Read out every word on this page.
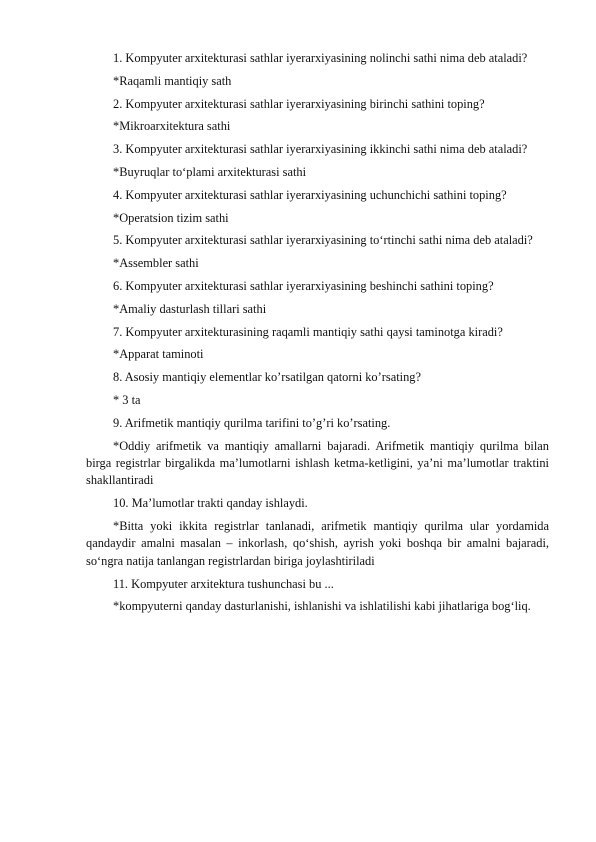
1. Kompyuter arxitekturasi sathlar iyerarxiyasining nolinchi sathi nima deb ataladi?

*Raqamli mantiqiy sath

2. Kompyuter arxitekturasi sathlar iyerarxiyasining birinchi sathini toping?

*Mikroarxitektura sathi

3. Kompyuter arxitekturasi sathlar iyerarxiyasining ikkinchi sathi nima deb ataladi?

*Buyruqlar to‘plami arxitekturasi sathi

4. Kompyuter arxitekturasi sathlar iyerarxiyasining uchunchichi sathini toping?

*Operatsion tizim sathi

5. Kompyuter arxitekturasi sathlar iyerarxiyasining to‘rtinchi sathi nima deb ataladi?

*Assembler sathi

6. Kompyuter arxitekturasi sathlar iyerarxiyasining beshinchi sathini toping?

*Amaliy dasturlash tillari sathi

7. Kompyuter arxitekturasining raqamli mantiqiy sathi qaysi taminotga kiradi?

*Apparat taminoti

8. Asosiy mantiqiy elementlar ko’rsatilgan qatorni ko’rsating?

* 3 ta

9. Arifmetik mantiqiy qurilma tarifini to’g’ri ko’rsating.

*Oddiy arifmetik va mantiqiy amallarni bajaradi. Arifmetik mantiqiy qurilma bilan birga registrlar birgalikda ma’lumotlarni ishlash ketma-ketligini, ya’ni ma’lumotlar traktini shakllantiradi

10. Ma’lumotlar trakti qanday ishlaydi.

*Bitta yoki ikkita registrlar tanlanadi, arifmetik mantiqiy qurilma ular yordamida qandaydir amalni masalan – inkorlash, qo‘shish, ayrish yoki boshqa bir amalni bajaradi, so‘ngra natija tanlangan registrlardan biriga joylashtiriladi

11. Kompyuter arxitektura tushunchasi bu ...

*kompyuterni qanday dasturlanishi, ishlanishi va ishlatilishi kabi jihatlariga bog‘liq.
